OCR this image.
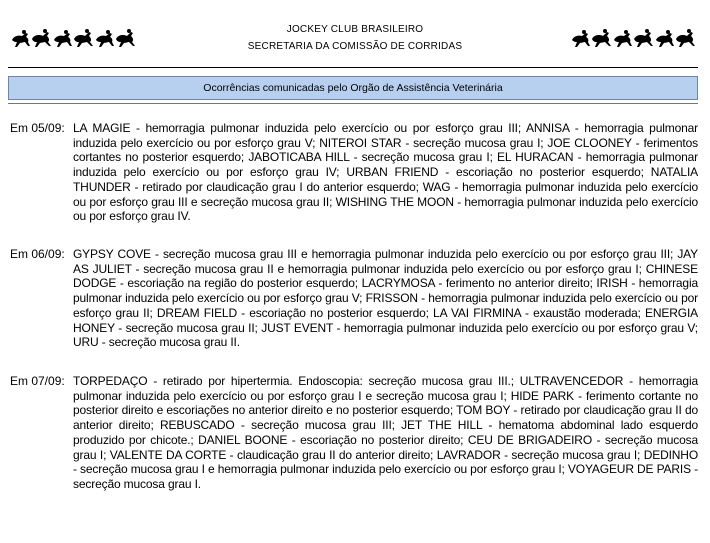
JOCKEY CLUB BRASILEIRO
SECRETARIA DA COMISSÃO DE CORRIDAS
Ocorrências comunicadas pelo Orgão de Assistência Veterinária
Em 05/09: LA MAGIE - hemorragia pulmonar induzida pelo exercício ou por esforço grau III; ANNISA - hemorragia pulmonar induzida pelo exercício ou por esforço grau V; NITEROI STAR - secreção mucosa grau I; JOE CLOONEY - ferimentos cortantes no posterior esquerdo; JABOTICABA HILL - secreção mucosa grau I; EL HURACAN - hemorragia pulmonar induzida pelo exercício ou por esforço grau IV; URBAN FRIEND - escoriação no posterior esquerdo; NATALIA THUNDER - retirado por claudicação grau I do anterior esquerdo; WAG - hemorragia pulmonar induzida pelo exercício ou por esforço grau III e secreção mucosa grau II; WISHING THE MOON - hemorragia pulmonar induzida pelo exercício ou por esforço grau IV.
Em 06/09: GYPSY COVE - secreção mucosa grau III e hemorragia pulmonar induzida pelo exercício ou por esforço grau III; JAY AS JULIET - secreção mucosa grau II e hemorragia pulmonar induzida pelo exercício ou por esforço grau I; CHINESE DODGE - escoriação na região do posterior esquerdo; LACRYMOSA - ferimento no anterior direito; IRISH - hemorragia pulmonar induzida pelo exercício ou por esforço grau V; FRISSON - hemorragia pulmonar induzida pelo exercício ou por esforço grau II; DREAM FIELD - escoriação no posterior esquerdo; LA VAI FIRMINA - exaustão moderada; ENERGIA HONEY - secreção mucosa grau II; JUST EVENT - hemorragia pulmonar induzida pelo exercício ou por esforço grau V; URU - secreção mucosa grau II.
Em 07/09: TORPEDAÇO - retirado por hipertermia. Endoscopia: secreção mucosa grau III.; ULTRAVENCEDOR - hemorragia pulmonar induzida pelo exercício ou por esforço grau I e secreção mucosa grau I; HIDE PARK - ferimento cortante no posterior direito e escoriações no anterior direito e no posterior esquerdo; TOM BOY - retirado por claudicação grau II do anterior direito; REBUSCADO - secreção mucosa grau III; JET THE HILL - hematoma abdominal lado esquerdo produzido por chicote.; DANIEL BOONE - escoriação no posterior direito; CEU DE BRIGADEIRO - secreção mucosa grau I; VALENTE DA CORTE - claudicação grau II do anterior direito; LAVRADOR - secreção mucosa grau I; DEDINHO - secreção mucosa grau I e hemorragia pulmonar induzida pelo exercício ou por esforço grau I; VOYAGEUR DE PARIS - secreção mucosa grau I.
